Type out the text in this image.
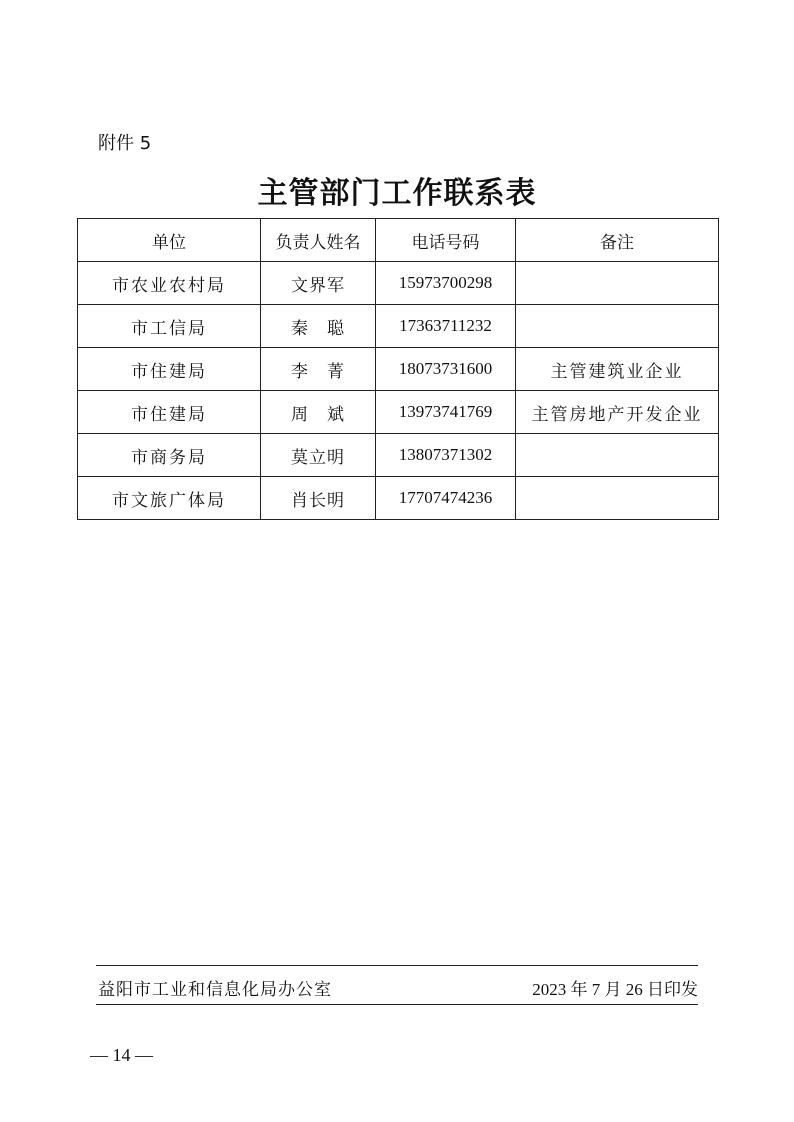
附件 5
主管部门工作联系表
单位	负责人姓名	电话号码	备注
市农业农村局	文界军	15973700298	
市工信局	秦　聪	17363711232	
市住建局	李　菁	18073731600	主管建筑业企业
市住建局	周　斌	13973741769	主管房地产开发企业
市商务局	莫立明	13807371302	
市文旅广体局	肖长明	17707474236	
益阳市工业和信息化局办公室	2023 年 7 月 26 日印发
— 14 —
